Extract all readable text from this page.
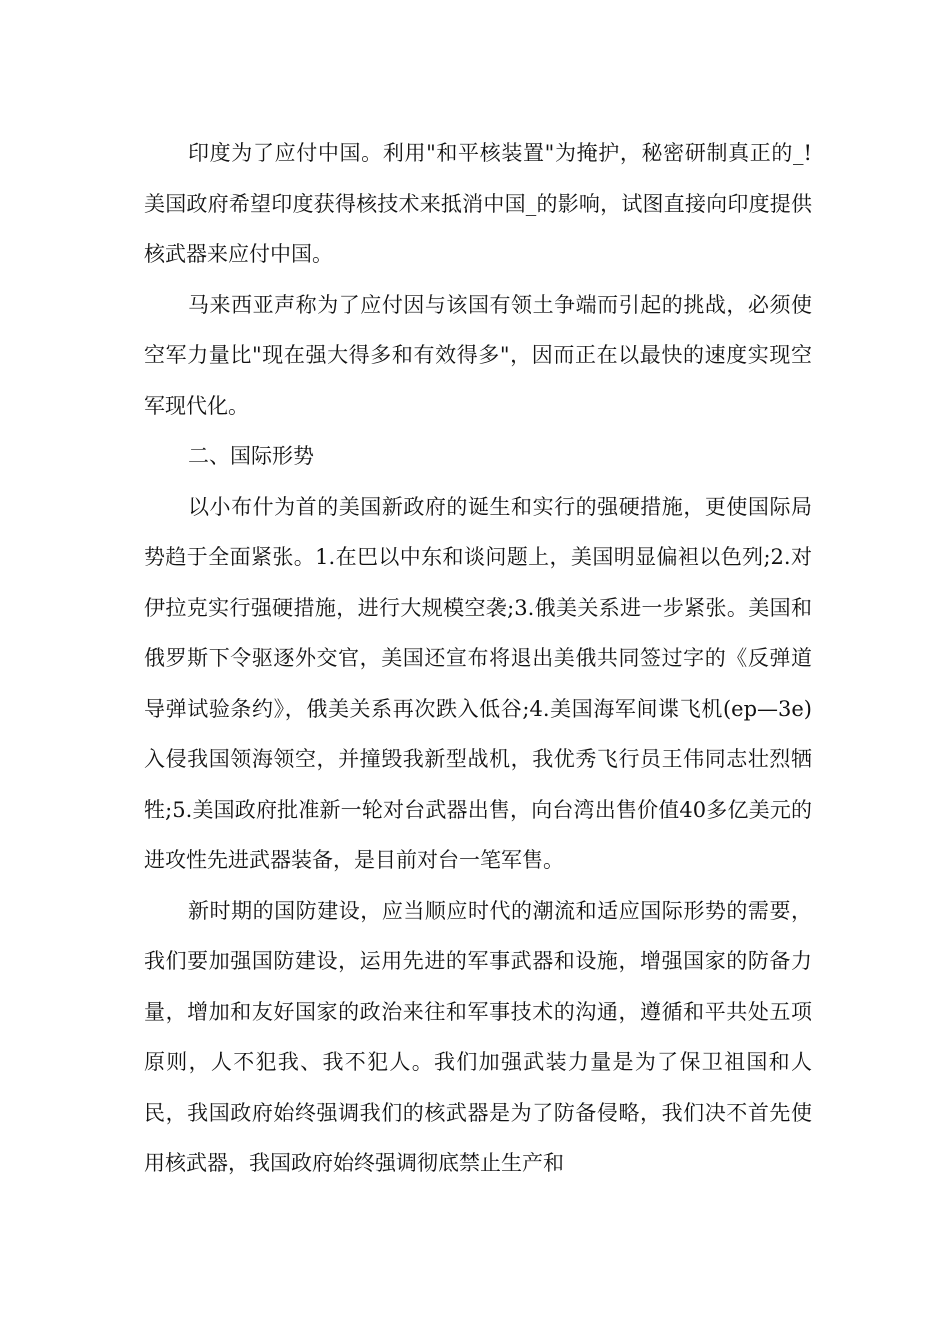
印度为了应付中国。利用"和平核装置"为掩护，秘密研制真正的_!美国政府希望印度获得核技术来抵消中国_的影响，试图直接向印度提供核武器来应付中国。

马来西亚声称为了应付因与该国有领土争端而引起的挑战，必须使空军力量比"现在强大得多和有效得多"，因而正在以最快的速度实现空军现代化。

二、国际形势

以小布什为首的美国新政府的诞生和实行的强硬措施，更使国际局势趋于全面紧张。1.在巴以中东和谈问题上，美国明显偏袒以色列;2.对伊拉克实行强硬措施，进行大规模空袭;3.俄美关系进一步紧张。美国和俄罗斯下令驱逐外交官，美国还宣布将退出美俄共同签过字的《反弹道导弹试验条约》，俄美关系再次跌入低谷;4.美国海军间谍飞机(ep—3e)入侵我国领海领空，并撞毁我新型战机，我优秀飞行员王伟同志壮烈牺牲;5.美国政府批准新一轮对台武器出售，向台湾出售价值40多亿美元的进攻性先进武器装备，是目前对台一笔军售。

新时期的国防建设，应当顺应时代的潮流和适应国际形势的需要，我们要加强国防建设，运用先进的军事武器和设施，增强国家的防备力量，增加和友好国家的政治来往和军事技术的沟通，遵循和平共处五项原则，人不犯我、我不犯人。我们加强武装力量是为了保卫祖国和人民，我国政府始终强调我们的核武器是为了防备侵略，我们决不首先使用核武器，我国政府始终强调彻底禁止生产和
